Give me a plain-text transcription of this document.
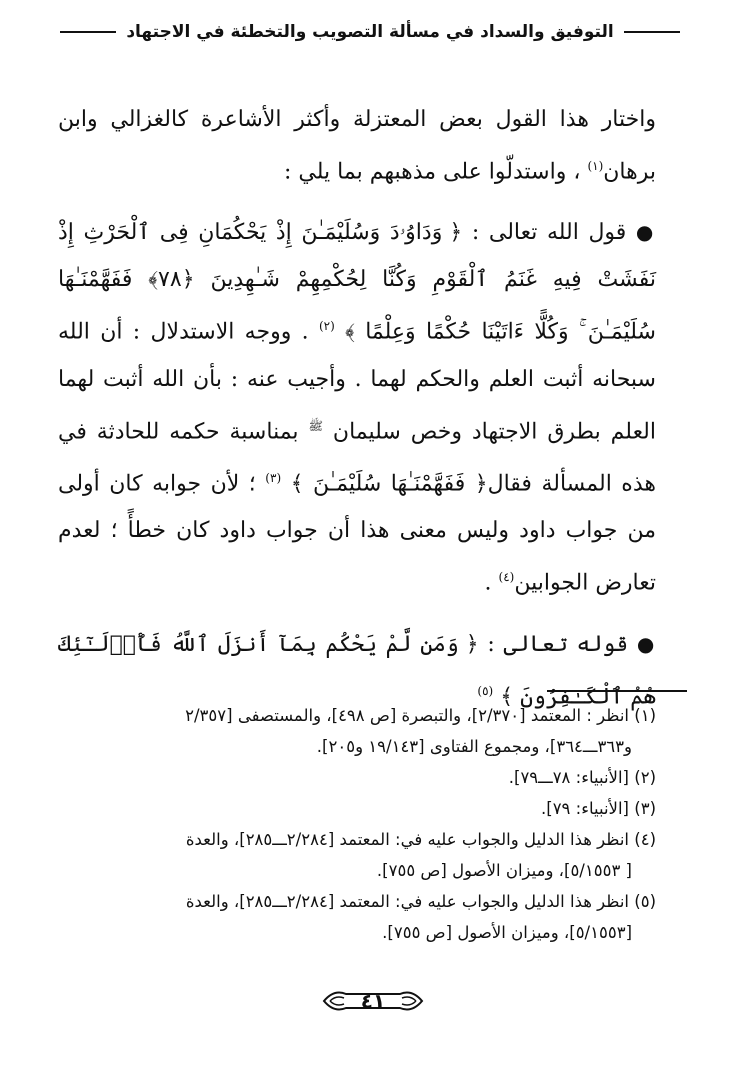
التوفيق والسداد في مسألة التصويب والتخطئة في الاجتهاد

واختار هذا القول بعض المعتزلة وأكثر الأشاعرة كالغزالي وابن برهان$^{(١)}$ ، واستدلّوا على مذهبهم بما يلي :

● قول الله تعالى : ﴿ وَدَاوُۥدَ وَسُلَيْمَـٰنَ إِذْ يَحْكُمَانِ فِى ٱلْحَرْثِ إِذْ نَفَشَتْ فِيهِ غَنَمُ ٱلْقَوْمِ وَكُنَّا لِحُكْمِهِمْ شَـٰهِدِينَ ﴿٧٨﴾ فَفَهَّمْنَـٰهَا سُلَيْمَـٰنَ ۚ وَكُلًّا ءَاتَيْنَا حُكْمًا وَعِلْمًا ﴾ $^{(٢)}$ . ووجه الاستدلال : أن الله سبحانه أثبت العلم والحكم لهما . وأجيب عنه : بأن الله أثبت لهما العلم بطرق الاجتهاد وخص سليمان $^ﷺ$ بمناسبة حكمه للحادثة في هذه المسألة فقال﴿ فَفَهَّمْنَـٰهَا سُلَيْمَـٰنَ ﴾ $^{(٣)}$ ؛ لأن جوابه كان أولى من جواب داود وليس معنى هذا أن جواب داود كان خطأً ؛ لعدم تعارض الجوابين$^{(٤)}$ .

● قوله تعالى : ﴿ وَمَن لَّمْ يَحْكُم بِمَآ أَنزَلَ ٱللَّهُ فَأُو۟لَـٰٓئِكَ هُمُ ٱلْكَـٰفِرُونَ ﴾ $^{(٥)}$

(١) انظر : المعتمد [٢/٣٧٠]، والتبصرة [ص ٤٩٨]، والمستصفى [٢/٣٥٧

و٣٦٣ـــ٣٦٤]، ومجموع الفتاوى [١٩/١٤٣ و٢٠٥].

(٢) [الأنبياء: ٧٨ـــ٧٩].

(٣) [الأنبياء: ٧٩].

(٤) انظر هذا الدليل والجواب عليه في: المعتمد [٢/٢٨٤ـــ٢٨٥]، والعدة

[ ٥/١٥٥٣]، وميزان الأصول [ص ٧٥٥].

(٥) انظر هذا الدليل والجواب عليه في: المعتمد [٢/٢٨٤ـــ٢٨٥]، والعدة

[٥/١٥٥٣]، وميزان الأصول [ص ٧٥٥].

٤١
